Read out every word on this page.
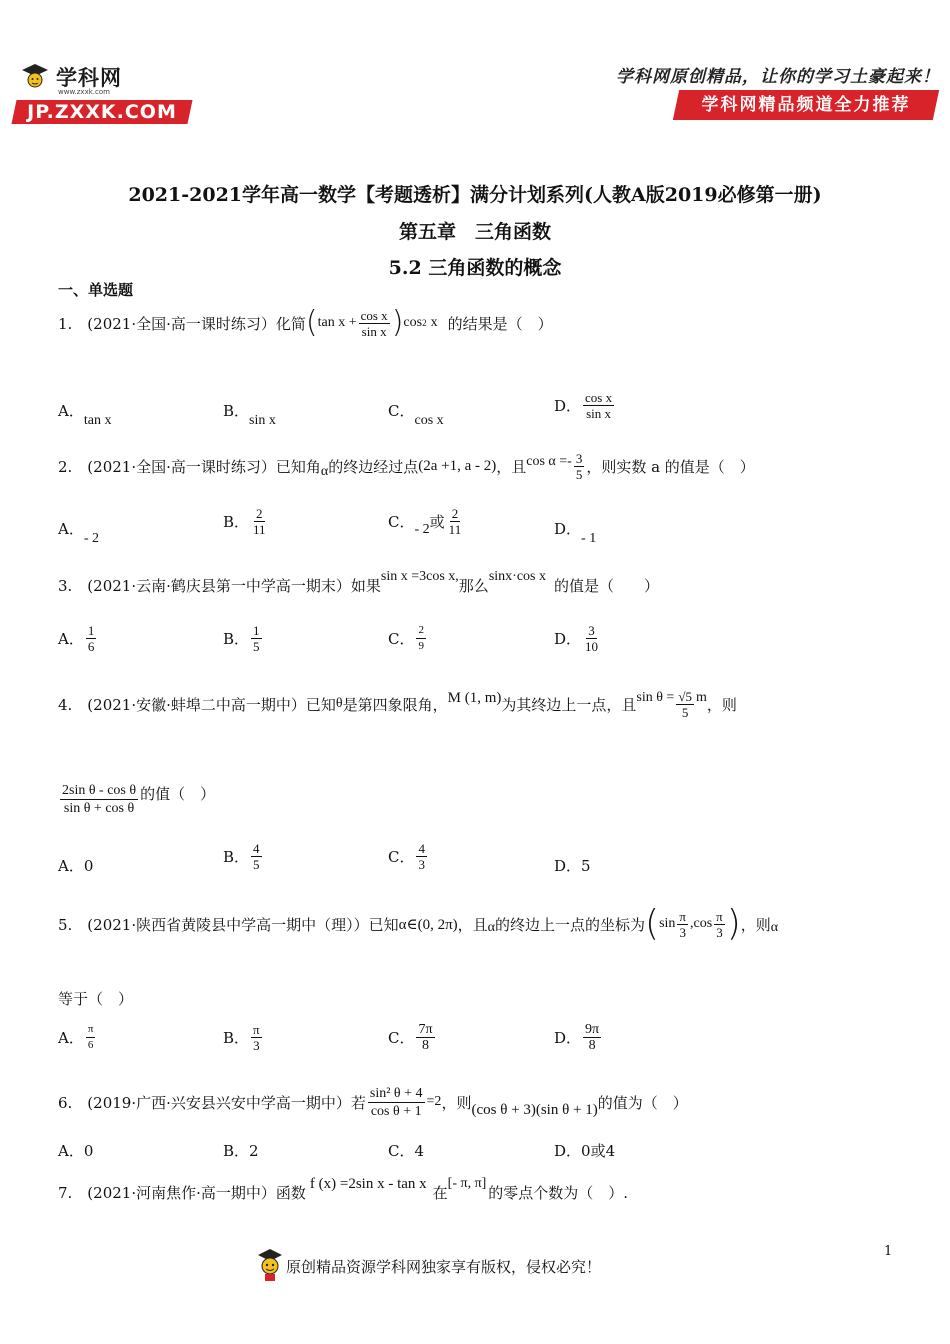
学科网
www.zxxk.com
JP.ZXXK.COM
学科网原创精品，让你的学习土豪起来！
学科网精品频道全力推荐
2021-2021学年高一数学【考题透析】满分计划系列(人教A版2019必修第一册)
第五章　三角函数
5.2 三角函数的概念
一、单选题
1.　(2021·全国·高一课时练习）化简 ( $\tan x + \frac{\text{cos x}}{\text{sin x}}$ ) cos 2 x 的结果是（　）
A．tan x
B．sin x
C．cos x
D． $\frac{\text{cos x}}{\text{sin x}}$
2.　(2021·全国·高一课时练习）已知角 α 的终边经过点 (2a +1, a - 2) ，且 $\cos \alpha =- \frac{3}{5}$ ，则实数 a 的值是（　）
A．- 2
B． $\frac{2}{11}$	C． - 2 或 $\frac{2}{11}$	D．- 1
3.　(2021·云南·鹤庆县第一中学高一期末）如果 sin x =3cos x, 那么 sinx·cos x 的值是（　　）
A． $\frac{1}{6}$	B． $\frac{1}{5}$	C． $\frac{2}{9}$	D． $\frac{3}{10}$
4.　(2021·安徽·蚌埠二中高一期中）已知 θ 是第四象限角， M (1, m) 为其终边上一点，且 $\sin \theta = \frac{√5}{5}$ m ，则
$\frac{\text{2sin θ - cos θ}}{\text{sin θ + cos θ}}$ 的值（　）
A．0	B． $\frac{4}{5}$	C． $\frac{4}{3}$	D．5
5.　(2021·陕西省黄陵县中学高一期中（理））已知 α∈(0, 2π) ，且 α 的终边上一点的坐标为 ( $\sin \frac{\pi}{3} ,\cos \frac{\pi}{3}$ ) ，则 α
等于（　）
A． $\frac{\pi}{6}$	B． $\frac{\pi}{3}$	C． $\frac{7\pi}{8}$	D． $\frac{9\pi}{8}$
6.　(2019·广西·兴安县兴安中学高一期中）若 $\frac{\text{sin² θ + 4}}{\text{cos θ + 1}} =2$ ，则 (cos θ + 3)(sin θ + 1) 的值为（　）
A．0	B．2	C．4	D．0或4
7.　(2021·河南焦作·高一期中）函数 f (x) =2sin x - tan x 在 [- π, π] 的零点个数为（　）.
原创精品资源学科网独家享有版权，侵权必究！
1
